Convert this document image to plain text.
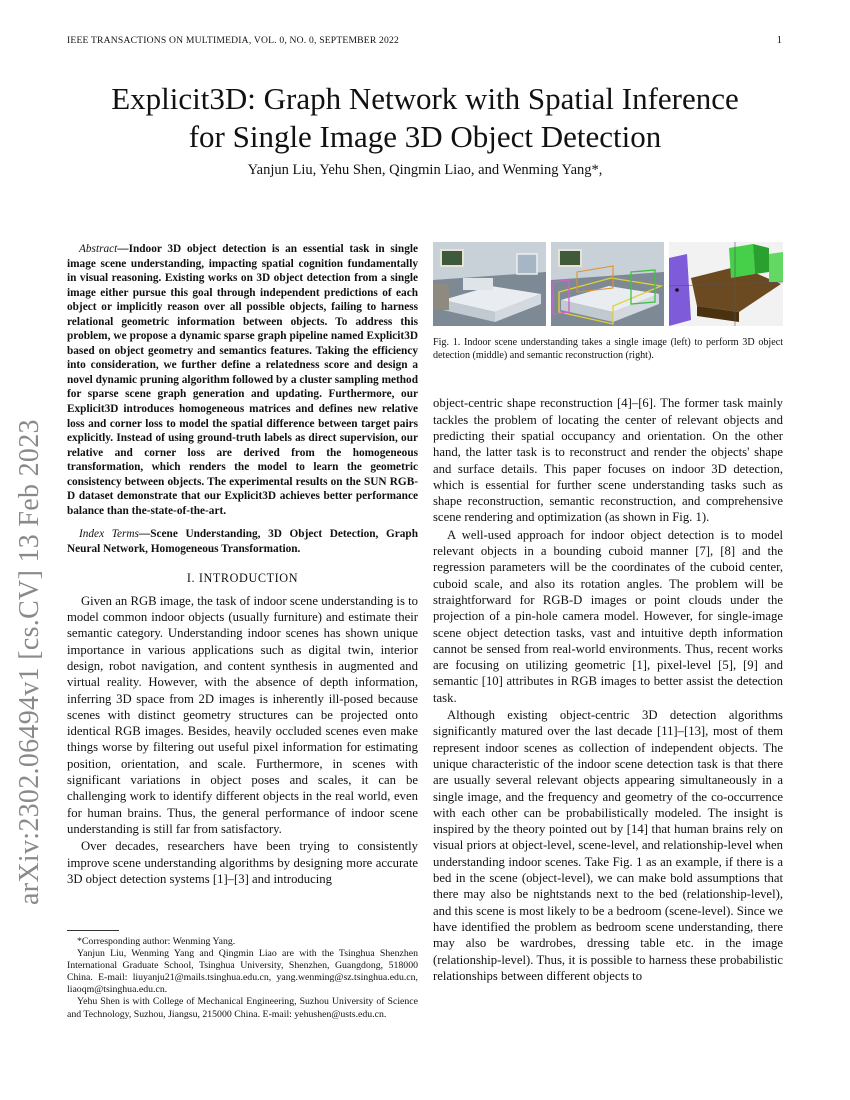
IEEE TRANSACTIONS ON MULTIMEDIA, VOL. 0, NO. 0, SEPTEMBER 2022	1
Explicit3D: Graph Network with Spatial Inference
for Single Image 3D Object Detection
Yanjun Liu, Yehu Shen, Qingmin Liao, and Wenming Yang*,
arXiv:2302.06494v1 [cs.CV] 13 Feb 2023

Abstract—Indoor 3D object detection is an essential task in single image scene understanding, impacting spatial cognition fundamentally in visual reasoning. Existing works on 3D object detection from a single image either pursue this goal through independent predictions of each object or implicitly reason over all possible objects, failing to harness relational geometric information between objects. To address this problem, we propose a dynamic sparse graph pipeline named Explicit3D based on object geometry and semantics features. Taking the efficiency into consideration, we further define a relatedness score and design a novel dynamic pruning algorithm followed by a cluster sampling method for sparse scene graph generation and updating. Furthermore, our Explicit3D introduces homogeneous matrices and defines new relative loss and corner loss to model the spatial difference between target pairs explicitly. Instead of using ground-truth labels as direct supervision, our relative and corner loss are derived from the homogeneous transformation, which renders the model to learn the geometric consistency between objects. The experimental results on the SUN RGB-D dataset demonstrate that our Explicit3D achieves better performance balance than the-state-of-the-art.

Index Terms—Scene Understanding, 3D Object Detection, Graph Neural Network, Homogeneous Transformation.

I. INTRODUCTION

Given an RGB image, the task of indoor scene understanding is to model common indoor objects (usually furniture) and estimate their semantic category. Understanding indoor scenes has shown unique importance in various applications such as digital twin, interior design, robot navigation, and content synthesis in augmented and virtual reality. However, with the absence of depth information, inferring 3D space from 2D images is inherently ill-posed because scenes with distinct geometry structures can be projected onto identical RGB images. Besides, heavily occluded scenes even make things worse by filtering out useful pixel information for estimating position, orientation, and scale. Furthermore, in scenes with significant variations in object poses and scales, it can be challenging work to identify different objects in the real world, even for human brains. Thus, the general performance of indoor scene understanding is still far from satisfactory.

Over decades, researchers have been trying to consistently improve scene understanding algorithms by designing more accurate 3D object detection systems [1]–[3] and introducing

*Corresponding author: Wenming Yang.

Yanjun Liu, Wenming Yang and Qingmin Liao are with the Tsinghua Shenzhen International Graduate School, Tsinghua University, Shenzhen, Guangdong, 518000 China. E-mail: liuyanju21@mails.tsinghua.edu.cn, yang.wenming@sz.tsinghua.edu.cn, liaoqm@tsinghua.edu.cn.

Yehu Shen is with College of Mechanical Engineering, Suzhou University of Science and Technology, Suzhou, Jiangsu, 215000 China. E-mail: yehushen@usts.edu.cn.

Fig. 1. Indoor scene understanding takes a single image (left) to perform 3D object detection (middle) and semantic reconstruction (right).

object-centric shape reconstruction [4]–[6]. The former task mainly tackles the problem of locating the center of relevant objects and predicting their spatial occupancy and orientation. On the other hand, the latter task is to reconstruct and render the objects' shape and surface details. This paper focuses on indoor 3D detection, which is essential for further scene understanding tasks such as shape reconstruction, semantic reconstruction, and comprehensive scene rendering and optimization (as shown in Fig. 1).

A well-used approach for indoor object detection is to model relevant objects in a bounding cuboid manner [7], [8] and the regression parameters will be the coordinates of the cuboid center, cuboid scale, and also its rotation angles. The problem will be straightforward for RGB-D images or point clouds under the projection of a pin-hole camera model. However, for single-image scene object detection tasks, vast and intuitive depth information cannot be sensed from real-world environments. Thus, recent works are focusing on utilizing geometric [1], pixel-level [5], [9] and semantic [10] attributes in RGB images to better assist the detection task.

Although existing object-centric 3D detection algorithms significantly matured over the last decade [11]–[13], most of them represent indoor scenes as collection of independent objects. The unique characteristic of the indoor scene detection task is that there are usually several relevant objects appearing simultaneously in a single image, and the frequency and geometry of the co-occurrence with each other can be probabilistically modeled. The insight is inspired by the theory pointed out by [14] that human brains rely on visual priors at object-level, scene-level, and relationship-level when understanding indoor scenes. Take Fig. 1 as an example, if there is a bed in the scene (object-level), we can make bold assumptions that there may also be nightstands next to the bed (relationship-level), and this scene is most likely to be a bedroom (scene-level). Since we have identified the problem as bedroom scene understanding, there may also be wardrobes, dressing table etc. in the image (relationship-level). Thus, it is possible to harness these probabilistic relationships between different objects to
